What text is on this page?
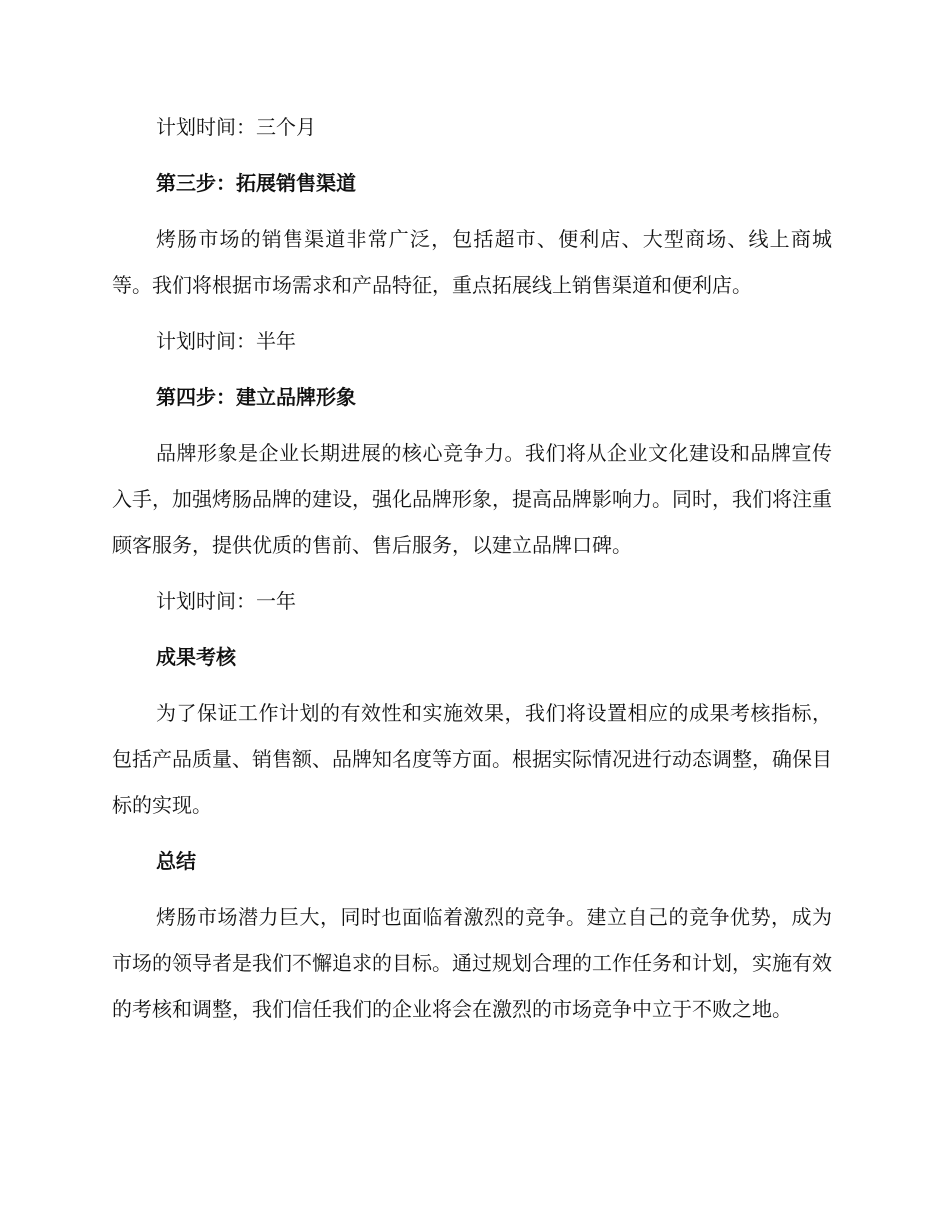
计划时间：三个月

第三步：拓展销售渠道

烤肠市场的销售渠道非常广泛，包括超市、便利店、大型商场、线上商城等。我们将根据市场需求和产品特征，重点拓展线上销售渠道和便利店。

计划时间：半年

第四步：建立品牌形象

品牌形象是企业长期进展的核心竞争力。我们将从企业文化建设和品牌宣传入手，加强烤肠品牌的建设，强化品牌形象，提高品牌影响力。同时，我们将注重顾客服务，提供优质的售前、售后服务，以建立品牌口碑。

计划时间：一年

成果考核

为了保证工作计划的有效性和实施效果，我们将设置相应的成果考核指标，包括产品质量、销售额、品牌知名度等方面。根据实际情况进行动态调整，确保目标的实现。

总结

烤肠市场潜力巨大，同时也面临着激烈的竞争。建立自己的竞争优势，成为市场的领导者是我们不懈追求的目标。通过规划合理的工作任务和计划，实施有效的考核和调整，我们信任我们的企业将会在激烈的市场竞争中立于不败之地。
